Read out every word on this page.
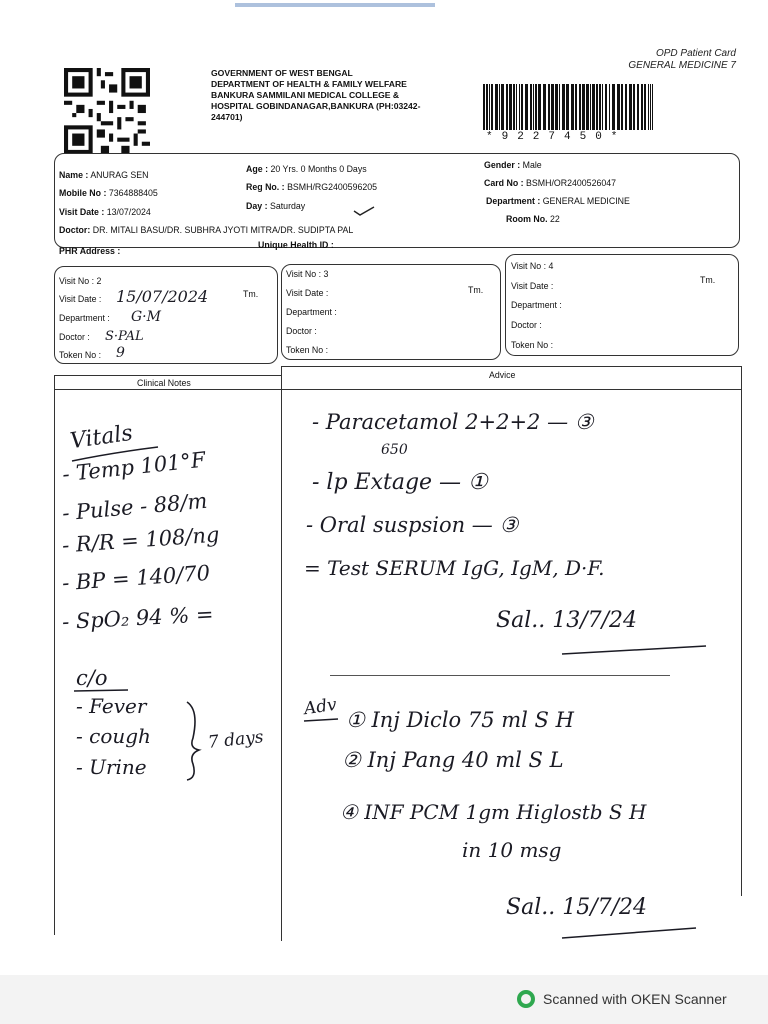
GOVERNMENT OF WEST BENGAL
DEPARTMENT OF HEALTH & FAMILY WELFARE
BANKURA SAMMILANI MEDICAL COLLEGE &
HOSPITAL GOBINDANAGAR,BANKURA (PH:03242-
244701)
OPD Patient Card
GENERAL MEDICINE 7
*9227450*
Name : ANURAG SEN
Age : 20 Yrs. 0 Months 0 Days	Gender : Male
Mobile No : 7364888405
Reg No. : BSMH/RG2400596205	Card No : BSMH/OR2400526047
Visit Date : 13/07/2024
Day : Saturday	Department : GENERAL MEDICINE
Doctor: DR. MITALI BASU/DR. SUBHRA JYOTI MITRA/DR. SUDIPTA PAL
Room No. 22
PHR Address :
Unique Health ID :
Visit No : 2
Visit Date : 15/07/2024	Tm.
Department : G·M
Doctor : S·PAL
Token No : 9
Visit No : 3
Visit Date :	Tm.
Department :
Doctor :
Token No :
Visit No : 4
Visit Date :
Tm.
Department :
Doctor :
Token No :
Clinical Notes
Advice
Vitals
- Temp 101°F
- Pulse - 88/m
- R/R = 108/ng
- BP = 140/70
- SpO₂ 94 % =
c/o
- Fever
- cough
- Urine
7 days
- Paracetamol 2+2+2 — ③
650
- lp Extage — ①
- Oral suspsion — ③
= Test SERUM IgG, IgM, D·F.
Sal.. 13/7/24
Adv
① Inj Diclo 75 ml S H
② Inj Pang 40 ml S L
④ INF PCM 1gm Higlostb S H
in 10 msg
Sal.. 15/7/24
Scanned with OKEN Scanner
